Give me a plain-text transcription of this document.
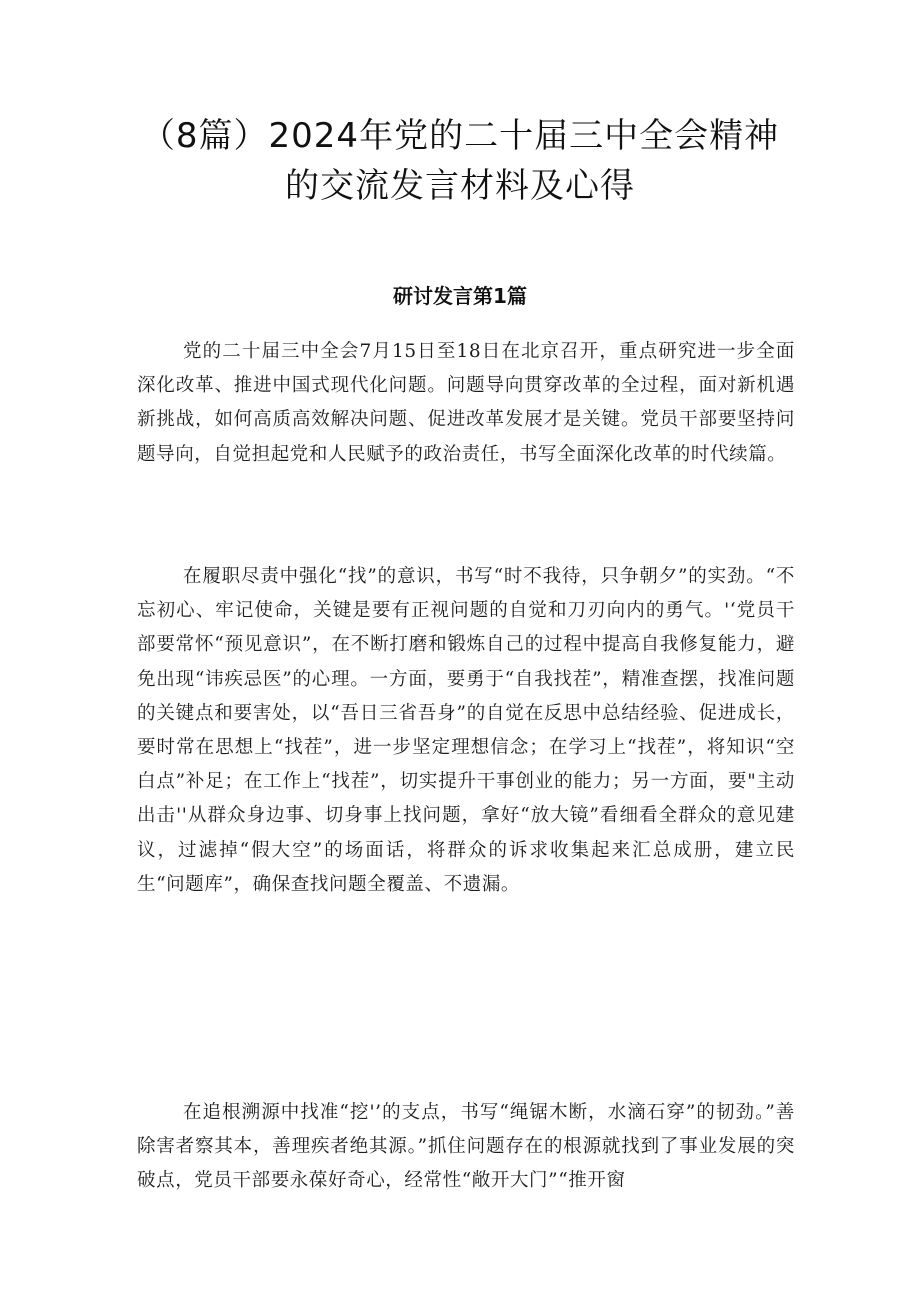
（8篇）2024年党的二十届三中全会精神
的交流发言材料及心得
研讨发言第1篇

党的二十届三中全会7月15日至18日在北京召开，重点研究进一步全面深化改革、推进中国式现代化问题。问题导向贯穿改革的全过程，面对新机遇新挑战，如何高质高效解决问题、促进改革发展才是关键。党员干部要坚持问题导向，自觉担起党和人民赋予的政治责任，书写全面深化改革的时代续篇。

在履职尽责中强化“找”的意识，书写“时不我待，只争朝夕”的实劲。“不忘初心、牢记使命，关键是要有正视问题的自觉和刀刃向内的勇气。'‘党员干部要常怀“预见意识”，在不断打磨和锻炼自己的过程中提高自我修复能力，避免出现“讳疾忌医”的心理。一方面，要勇于“自我找茬”，精准查摆，找准问题的关键点和要害处，以“吾日三省吾身”的自觉在反思中总结经验、促进成长，要时常在思想上“找茬”，进一步坚定理想信念；在学习上“找茬”，将知识“空白点”补足；在工作上“找茬”，切实提升干事创业的能力；另一方面，要"主动出击''从群众身边事、切身事上找问题，拿好“放大镜”看细看全群众的意见建议，过滤掉“假大空”的场面话，将群众的诉求收集起来汇总成册，建立民生“问题库”，确保查找问题全覆盖、不遗漏。

在追根溯源中找准“挖'’的支点，书写“绳锯木断，水滴石穿”的韧劲。”善除害者察其本，善理疾者绝其源。”抓住问题存在的根源就找到了事业发展的突破点，党员干部要永葆好奇心，经常性“敞开大门”“推开窗
